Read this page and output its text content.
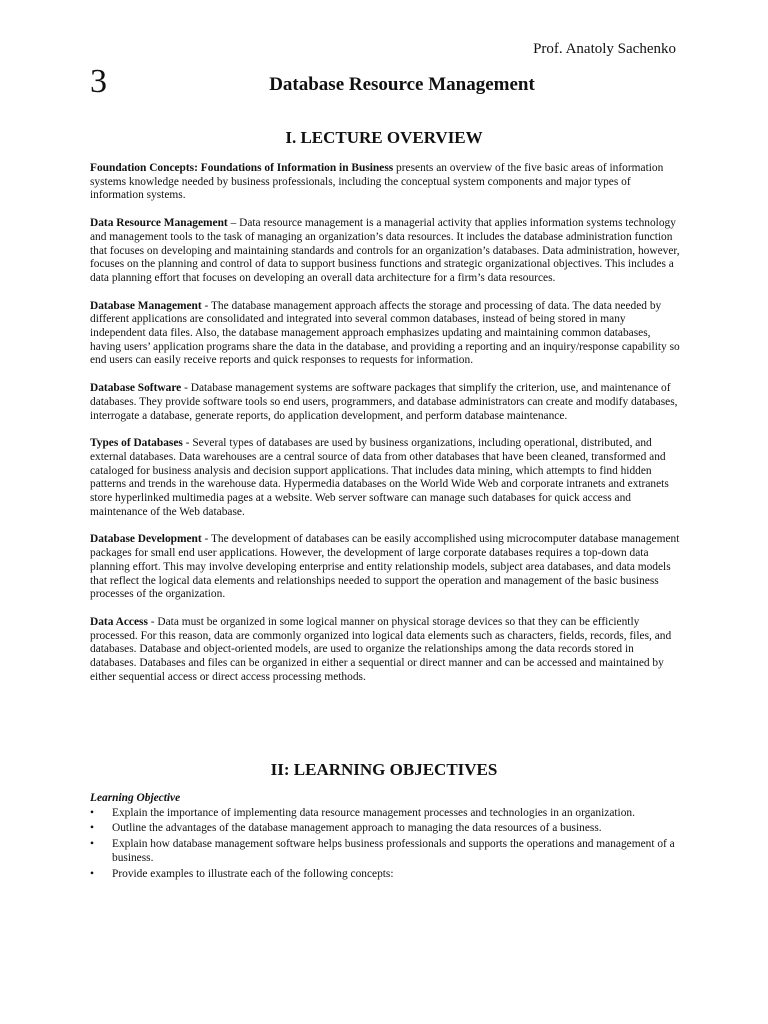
Prof. Anatoly Sachenko
3	Database Resource Management
I. LECTURE OVERVIEW

Foundation Concepts: Foundations of Information in Business presents an overview of the five basic areas of information systems knowledge needed by business professionals, including the conceptual system components and major types of information systems.

Data Resource Management – Data resource management is a managerial activity that applies information systems technology and management tools to the task of managing an organization’s data resources. It includes the database administration function that focuses on developing and maintaining standards and controls for an organization’s databases. Data administration, however, focuses on the planning and control of data to support business functions and strategic organizational objectives. This includes a data planning effort that focuses on developing an overall data architecture for a firm’s data resources.

Database Management - The database management approach affects the storage and processing of data. The data needed by different applications are consolidated and integrated into several common databases, instead of being stored in many independent data files. Also, the database management approach emphasizes updating and maintaining common databases, having users’ application programs share the data in the database, and providing a reporting and an inquiry/response capability so end users can easily receive reports and quick responses to requests for information.

Database Software - Database management systems are software packages that simplify the criterion, use, and maintenance of databases. They provide software tools so end users, programmers, and database administrators can create and modify databases, interrogate a database, generate reports, do application development, and perform database maintenance.

Types of Databases - Several types of databases are used by business organizations, including operational, distributed, and external databases. Data warehouses are a central source of data from other databases that have been cleaned, transformed and cataloged for business analysis and decision support applications. That includes data mining, which attempts to find hidden patterns and trends in the warehouse data. Hypermedia databases on the World Wide Web and corporate intranets and extranets store hyperlinked multimedia pages at a website. Web server software can manage such databases for quick access and maintenance of the Web database.

Database Development - The development of databases can be easily accomplished using microcomputer database management packages for small end user applications. However, the development of large corporate databases requires a top-down data planning effort. This may involve developing enterprise and entity relationship models, subject area databases, and data models that reflect the logical data elements and relationships needed to support the operation and management of the basic business processes of the organization.

Data Access - Data must be organized in some logical manner on physical storage devices so that they can be efficiently processed. For this reason, data are commonly organized into logical data elements such as characters, fields, records, files, and databases. Database and object-oriented models, are used to organize the relationships among the data records stored in databases. Databases and files can be organized in either a sequential or direct manner and can be accessed and maintained by either sequential access or direct access processing methods.

II: LEARNING OBJECTIVES
Learning Objective
• Explain the importance of implementing data resource management processes and technologies in an organization.
• Outline the advantages of the database management approach to managing the data resources of a business.
• Explain how database management software helps business professionals and supports the operations and management of a business.
• Provide examples to illustrate each of the following concepts:
